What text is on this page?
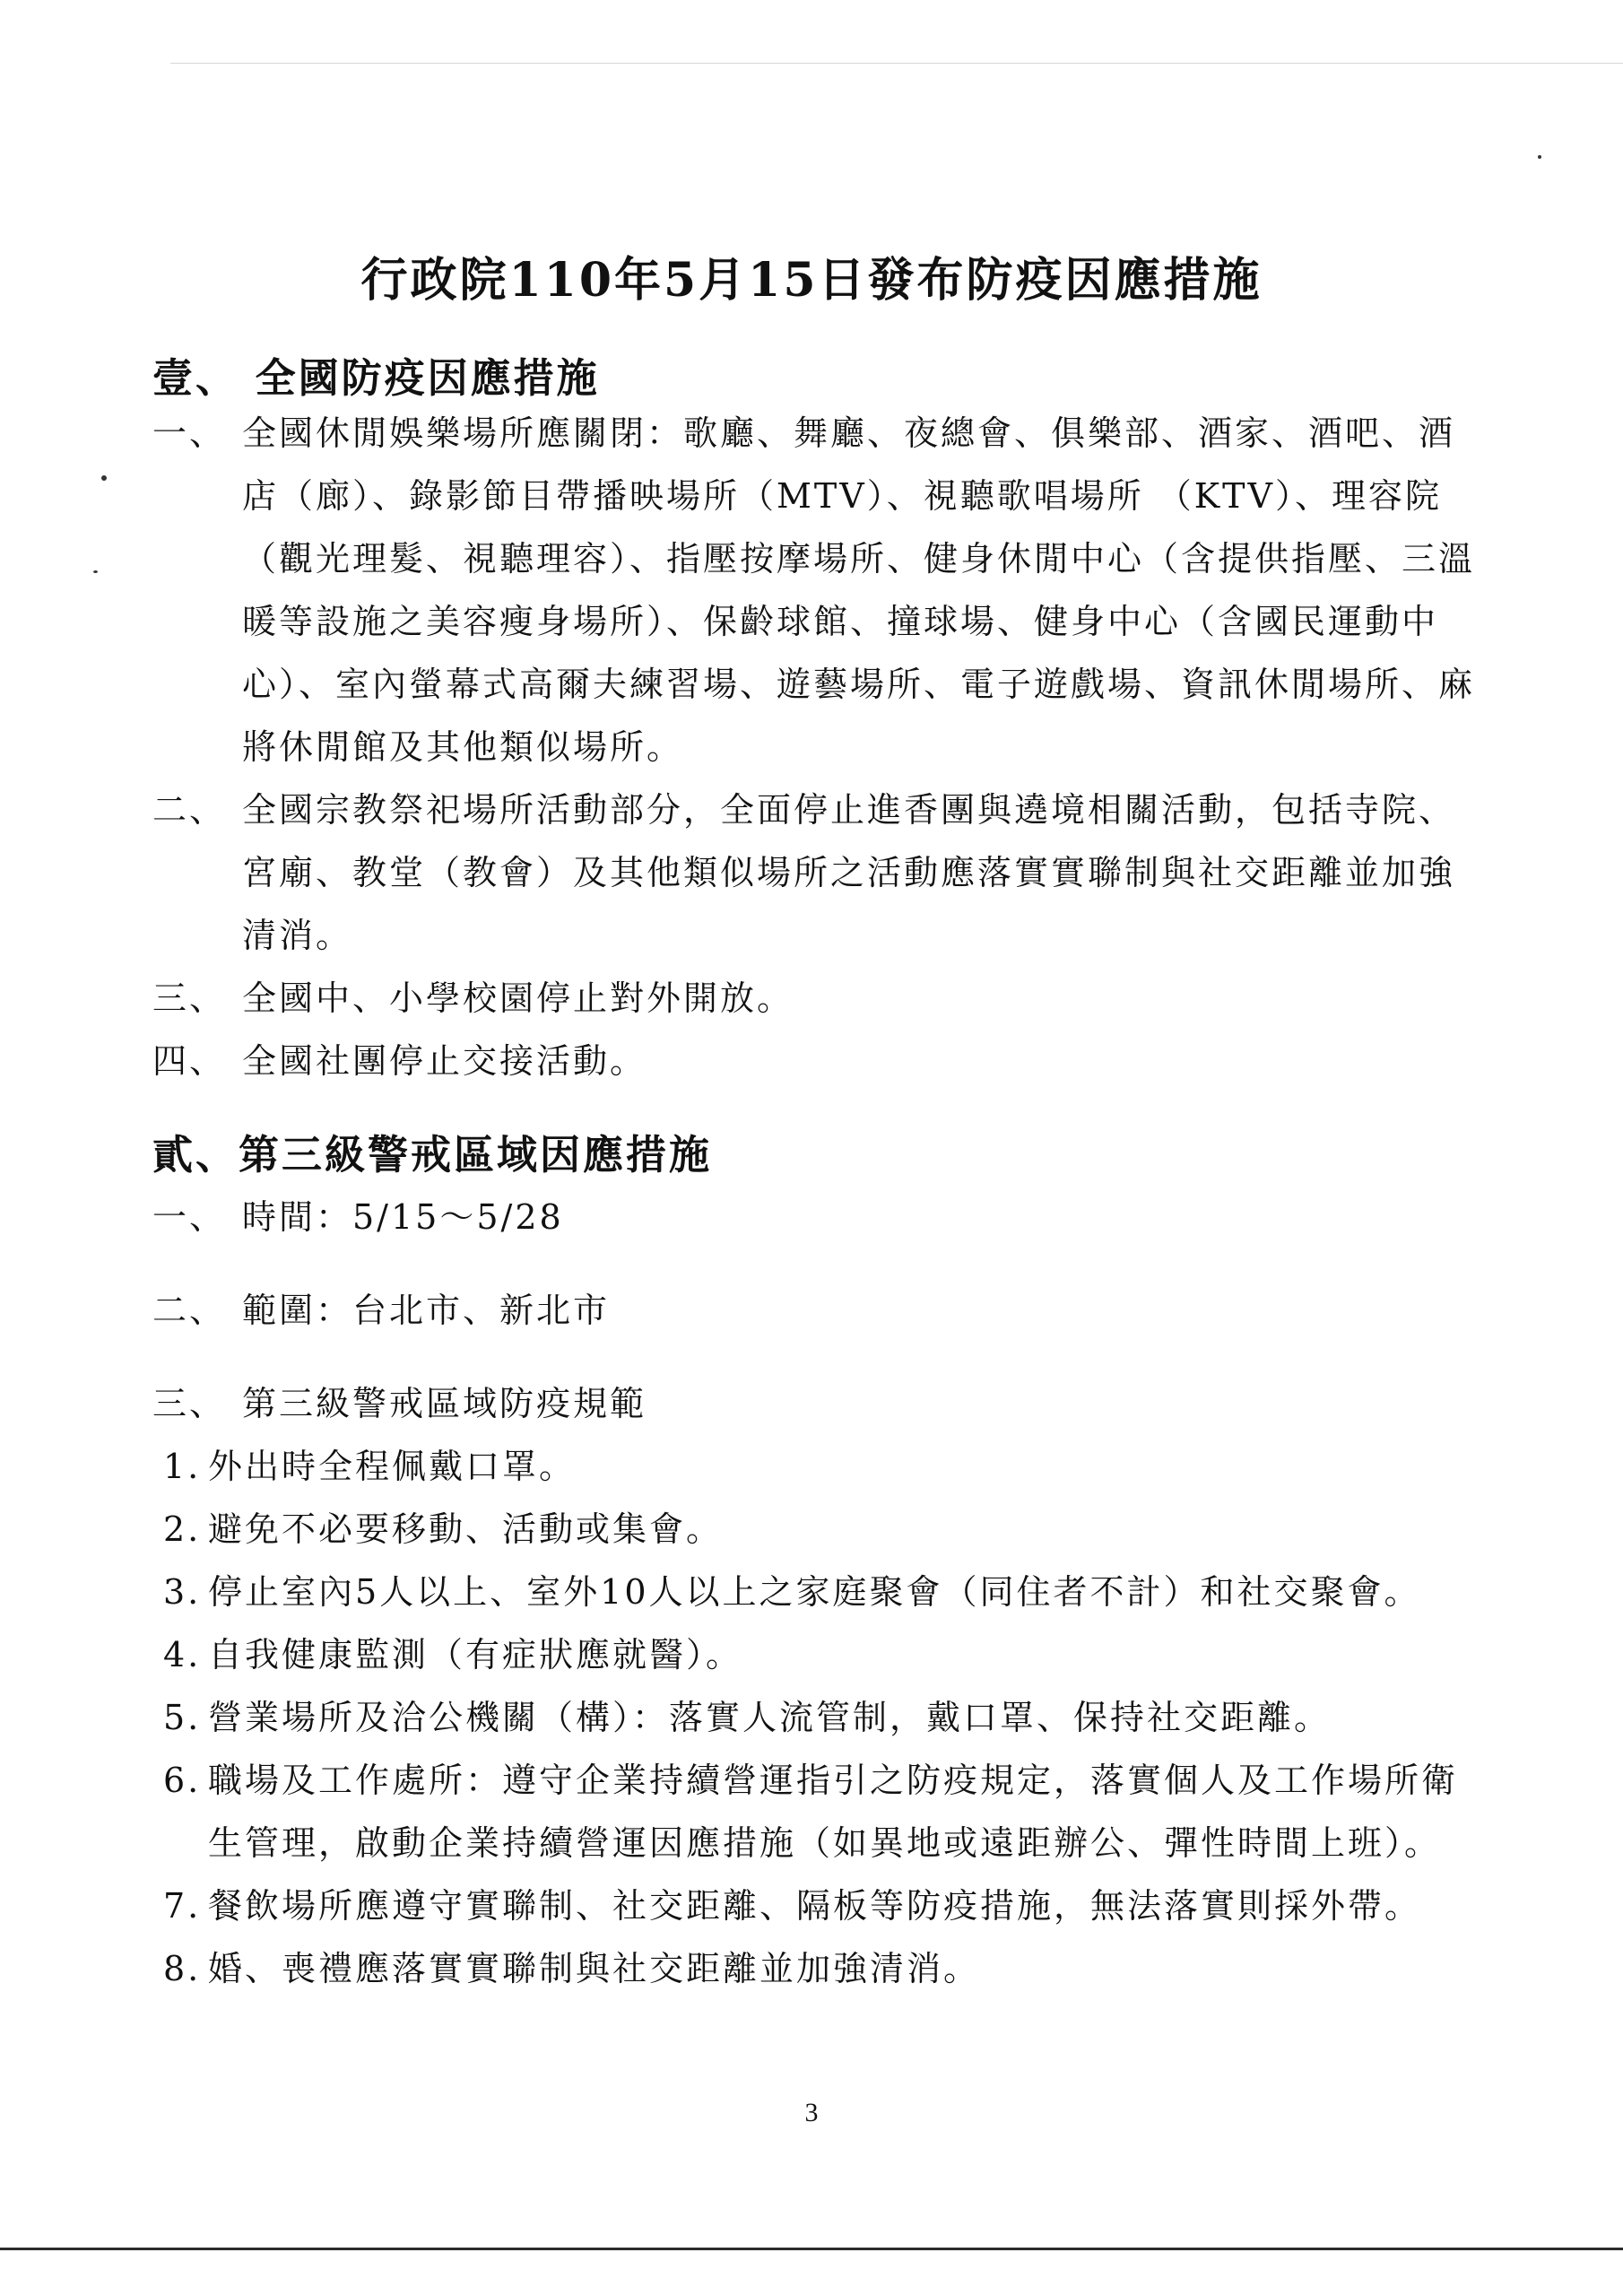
行政院110年5月15日發布防疫因應措施
壹、 全國防疫因應措施
一、 全國休閒娛樂場所應關閉：歌廳、舞廳、夜總會、俱樂部、酒家、酒吧、酒店（廊）、錄影節目帶播映場所（MTV）、視聽歌唱場所 （KTV）、理容院（觀光理髮、視聽理容）、指壓按摩場所、健身休閒中心（含提供指壓、三溫暖等設施之美容瘦身場所）、保齡球館、撞球場、健身中心（含國民運動中心）、室內螢幕式高爾夫練習場、遊藝場所、電子遊戲場、資訊休閒場所、麻將休閒館及其他類似場所。
二、 全國宗教祭祀場所活動部分，全面停止進香團與遶境相關活動，包括寺院、宮廟、教堂（教會）及其他類似場所之活動應落實實聯制與社交距離並加強清消。
三、 全國中、小學校園停止對外開放。
四、 全國社團停止交接活動。
貳、第三級警戒區域因應措施
一、 時間：5/15～5/28
二、 範圍：台北市、新北市
三、 第三級警戒區域防疫規範
1. 外出時全程佩戴口罩。
2. 避免不必要移動、活動或集會。
3. 停止室內5人以上、室外10人以上之家庭聚會（同住者不計）和社交聚會。
4. 自我健康監測（有症狀應就醫）。
5. 營業場所及洽公機關（構）：落實人流管制，戴口罩、保持社交距離。
6. 職場及工作處所：遵守企業持續營運指引之防疫規定，落實個人及工作場所衛生管理，啟動企業持續營運因應措施（如異地或遠距辦公、彈性時間上班）。
7. 餐飲場所應遵守實聯制、社交距離、隔板等防疫措施，無法落實則採外帶。
8. 婚、喪禮應落實實聯制與社交距離並加強清消。
3
